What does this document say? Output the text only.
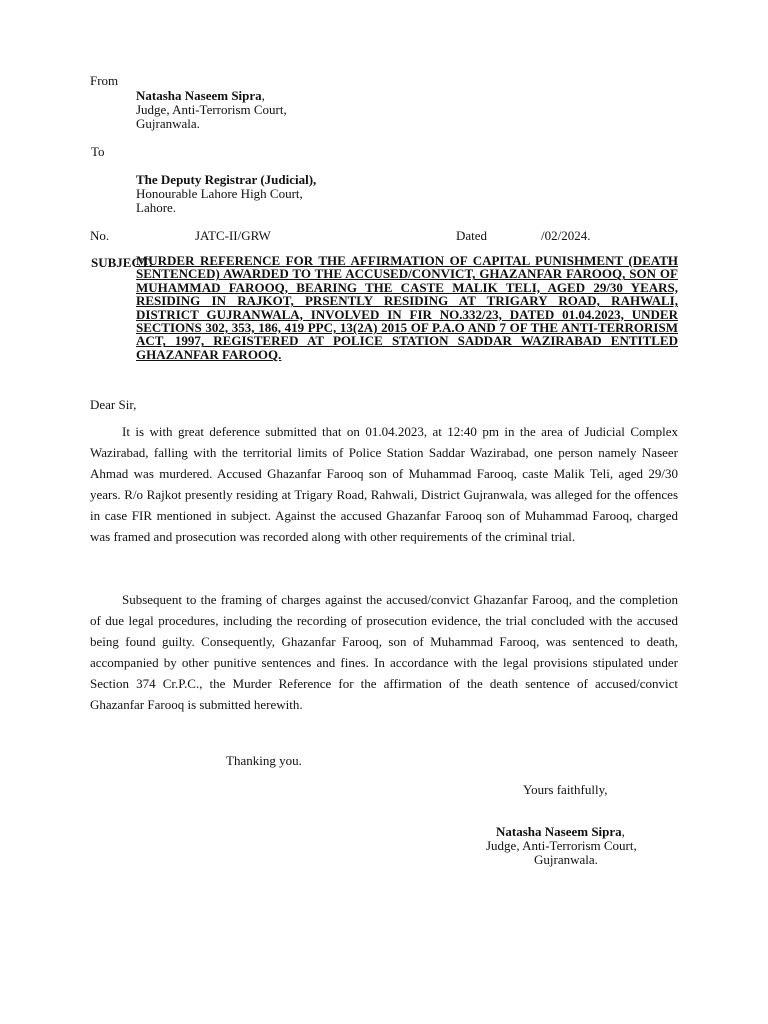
From
Natasha Naseem Sipra,
Judge, Anti-Terrorism Court,
Gujranwala.
To
The Deputy Registrar (Judicial),
Honourable Lahore High Court,
Lahore.
No.	JATC-II/GRW	Dated	/02/2024.
SUBJECT:
MURDER REFERENCE FOR THE AFFIRMATION OF CAPITAL PUNISHMENT (DEATH SENTENCED) AWARDED TO THE ACCUSED/CONVICT, GHAZANFAR FAROOQ, SON OF MUHAMMAD FAROOQ, BEARING THE CASTE MALIK TELI, AGED 29/30 YEARS, RESIDING IN RAJKOT, PRSENTLY RESIDING AT TRIGARY ROAD, RAHWALI, DISTRICT GUJRANWALA, INVOLVED IN FIR NO.332/23, DATED 01.04.2023, UNDER SECTIONS 302, 353, 186, 419 PPC, 13(2A) 2015 OF P.A.O AND 7 OF THE ANTI-TERRORISM ACT, 1997, REGISTERED AT POLICE STATION SADDAR WAZIRABAD ENTITLED GHAZANFAR FAROOQ.
Dear Sir,
It is with great deference submitted that on 01.04.2023, at 12:40 pm in the area of Judicial Complex Wazirabad, falling with the territorial limits of Police Station Saddar Wazirabad, one person namely Naseer Ahmad was murdered. Accused Ghazanfar Farooq son of Muhammad Farooq, caste Malik Teli, aged 29/30 years. R/o Rajkot presently residing at Trigary Road, Rahwali, District Gujranwala, was alleged for the offences in case FIR mentioned in subject. Against the accused Ghazanfar Farooq son of Muhammad Farooq, charged was framed and prosecution was recorded along with other requirements of the criminal trial.
Subsequent to the framing of charges against the accused/convict Ghazanfar Farooq, and the completion of due legal procedures, including the recording of prosecution evidence, the trial concluded with the accused being found guilty. Consequently, Ghazanfar Farooq, son of Muhammad Farooq, was sentenced to death, accompanied by other punitive sentences and fines. In accordance with the legal provisions stipulated under Section 374 Cr.P.C., the Murder Reference for the affirmation of the death sentence of accused/convict Ghazanfar Farooq is submitted herewith.
Thanking you.
Yours faithfully,
Natasha Naseem Sipra,
Judge, Anti-Terrorism Court,
Gujranwala.
